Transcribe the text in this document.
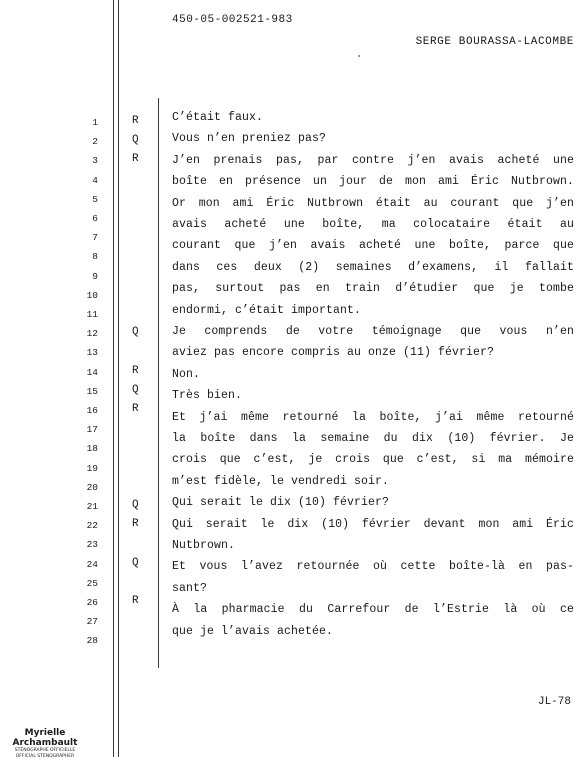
450-05-002521-983
SERGE BOURASSA-LACOMBE
1
2
3
4
5
6
7
8
9
10
11
12
13
14
15
16
17
18
19
20
21
22
23
24
25
26
27
28
R
Q
R
Q
R
Q
R
Q
R
Q
R
C’était faux.
Vous n’en preniez pas?
J’en prenais pas, par contre j’en avais acheté une
boîte en présence un jour de mon ami Éric Nutbrown.
Or mon ami Éric Nutbrown était au courant que j’en
avais acheté une boîte, ma colocataire était au
courant que j’en avais acheté une boîte, parce que
dans ces deux (2) semaines d’examens, il fallait
pas, surtout pas en train d’étudier que je tombe
endormi, c’était important.
Je comprends de votre témoignage que vous n’en
aviez pas encore compris au onze (11) février?
Non.
Très bien.
Et j’ai même retourné la boîte, j’ai même retourné
la boîte dans la semaine du dix (10) février. Je
crois que c’est, je crois que c’est, si ma mémoire
m’est fidèle, le vendredi soir.
Qui serait le dix (10) février?
Qui serait le dix (10) février devant mon ami Éric
Nutbrown.
Et vous l’avez retournée où cette boîte-là en pas-
sant?
À la pharmacie du Carrefour de l’Estrie là où ce
que je l’avais achetée.
JL-78
Myrielle Archambault
STÉNOGRAPHE OFFICIELLE
OFFICIAL STENOGRAPHER
